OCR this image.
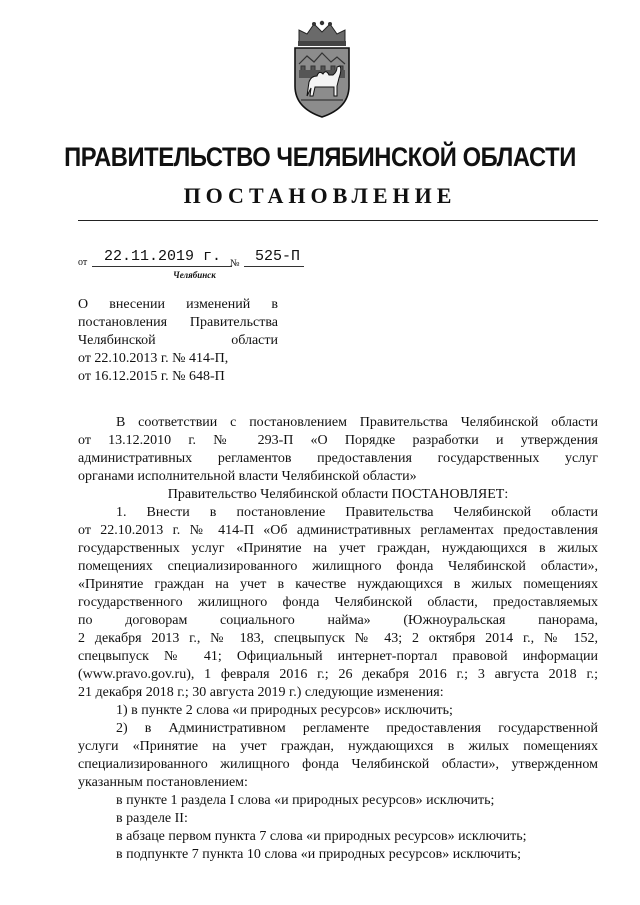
ПРАВИТЕЛЬСТВО ЧЕЛЯБИНСКОЙ ОБЛАСТИ
ПОСТАНОВЛЕНИЕ
от 22.11.2019 г. № 525-П
Челябинск
О внесении изменений в
постановления Правительства
Челябинской	области
от 22.10.2013 г. № 414-П,
от 16.12.2015 г. № 648-П

В соответствии с постановлением Правительства Челябинской области

от 13.12.2010 г. № 293-П «О Порядке разработки и утверждения

административных регламентов предоставления государственных услуг

органами исполнительной власти Челябинской области»

Правительство Челябинской области ПОСТАНОВЛЯЕТ:

1. Внести в постановление Правительства Челябинской области

от 22.10.2013 г. № 414-П «Об административных регламентах предоставления

государственных услуг «Принятие на учет граждан, нуждающихся в жилых

помещениях специализированного жилищного фонда Челябинской области»,

«Принятие граждан на учет в качестве нуждающихся в жилых помещениях

государственного жилищного фонда Челябинской области, предоставляемых

по договорам социального найма» (Южноуральская панорама,

2 декабря 2013 г., № 183, спецвыпуск № 43; 2 октября 2014 г., № 152,

спецвыпуск № 41; Официальный интернет-портал правовой информации

(www.pravo.gov.ru), 1 февраля 2016 г.; 26 декабря 2016 г.; 3 августа 2018 г.;

21 декабря 2018 г.; 30 августа 2019 г.) следующие изменения:

1) в пункте 2 слова «и природных ресурсов» исключить;

2) в Административном регламенте предоставления государственной

услуги «Принятие на учет граждан, нуждающихся в жилых помещениях

специализированного жилищного фонда Челябинской области», утвержденном

указанным постановлением:

в пункте 1 раздела I слова «и природных ресурсов» исключить;

в разделе II:

в абзаце первом пункта 7 слова «и природных ресурсов» исключить;

в подпункте 7 пункта 10 слова «и природных ресурсов» исключить;
